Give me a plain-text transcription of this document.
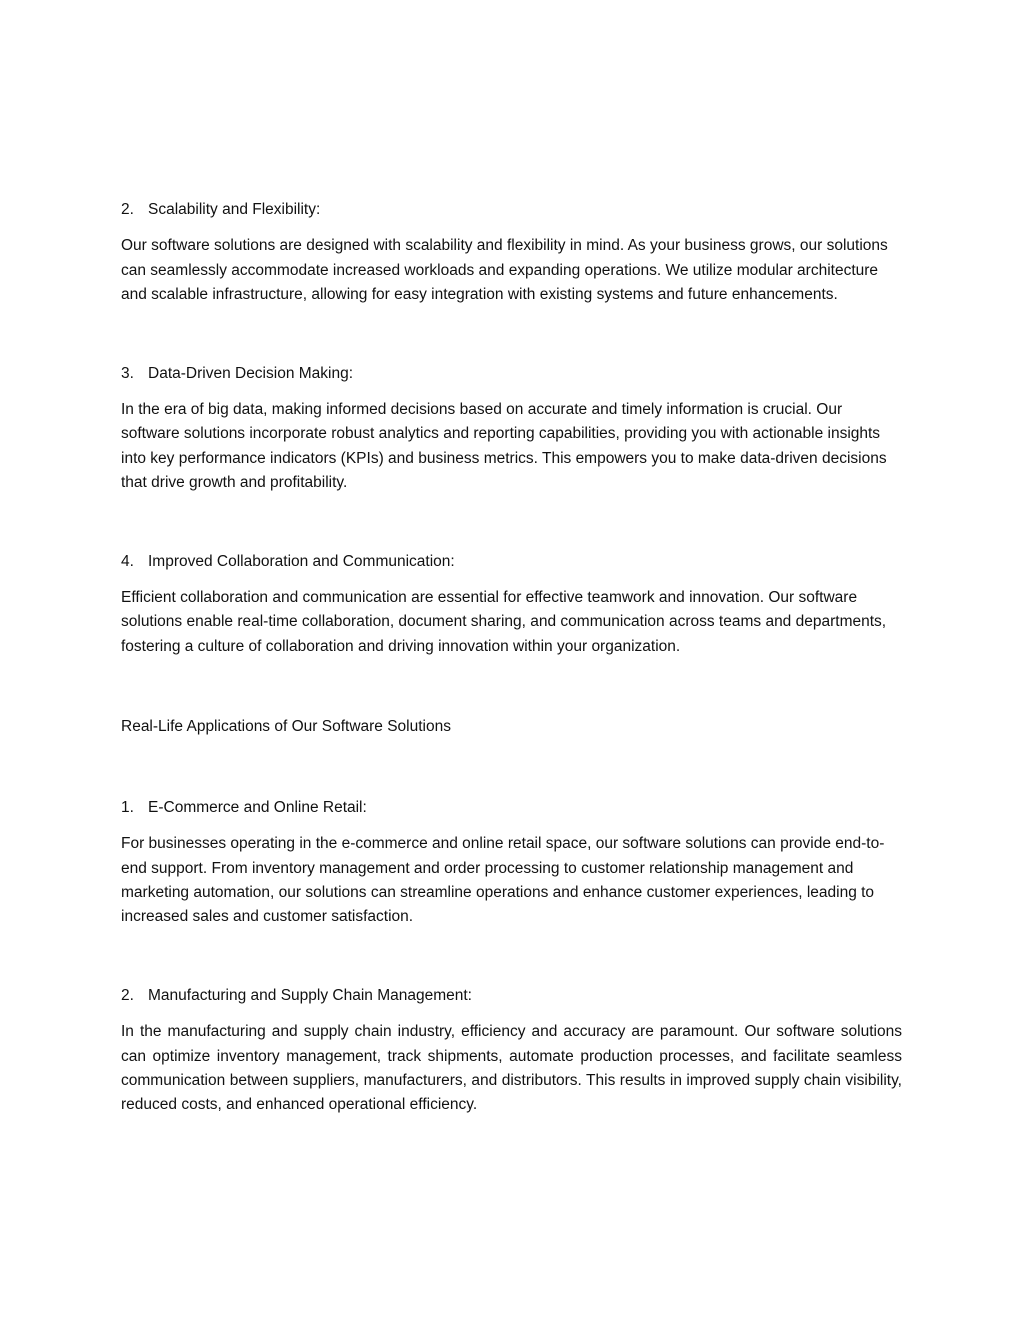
2. Scalability and Flexibility:

Our software solutions are designed with scalability and flexibility in mind. As your business grows, our solutions can seamlessly accommodate increased workloads and expanding operations. We utilize modular architecture and scalable infrastructure, allowing for easy integration with existing systems and future enhancements.

3. Data-Driven Decision Making:

In the era of big data, making informed decisions based on accurate and timely information is crucial. Our software solutions incorporate robust analytics and reporting capabilities, providing you with actionable insights into key performance indicators (KPIs) and business metrics. This empowers you to make data-driven decisions that drive growth and profitability.

4. Improved Collaboration and Communication:

Efficient collaboration and communication are essential for effective teamwork and innovation. Our software solutions enable real-time collaboration, document sharing, and communication across teams and departments, fostering a culture of collaboration and driving innovation within your organization.

Real-Life Applications of Our Software Solutions

1. E-Commerce and Online Retail:

For businesses operating in the e-commerce and online retail space, our software solutions can provide end-to-end support. From inventory management and order processing to customer relationship management and marketing automation, our solutions can streamline operations and enhance customer experiences, leading to increased sales and customer satisfaction.

2. Manufacturing and Supply Chain Management:

In the manufacturing and supply chain industry, efficiency and accuracy are paramount. Our software solutions can optimize inventory management, track shipments, automate production processes, and facilitate seamless communication between suppliers, manufacturers, and distributors. This results in improved supply chain visibility, reduced costs, and enhanced operational efficiency.
